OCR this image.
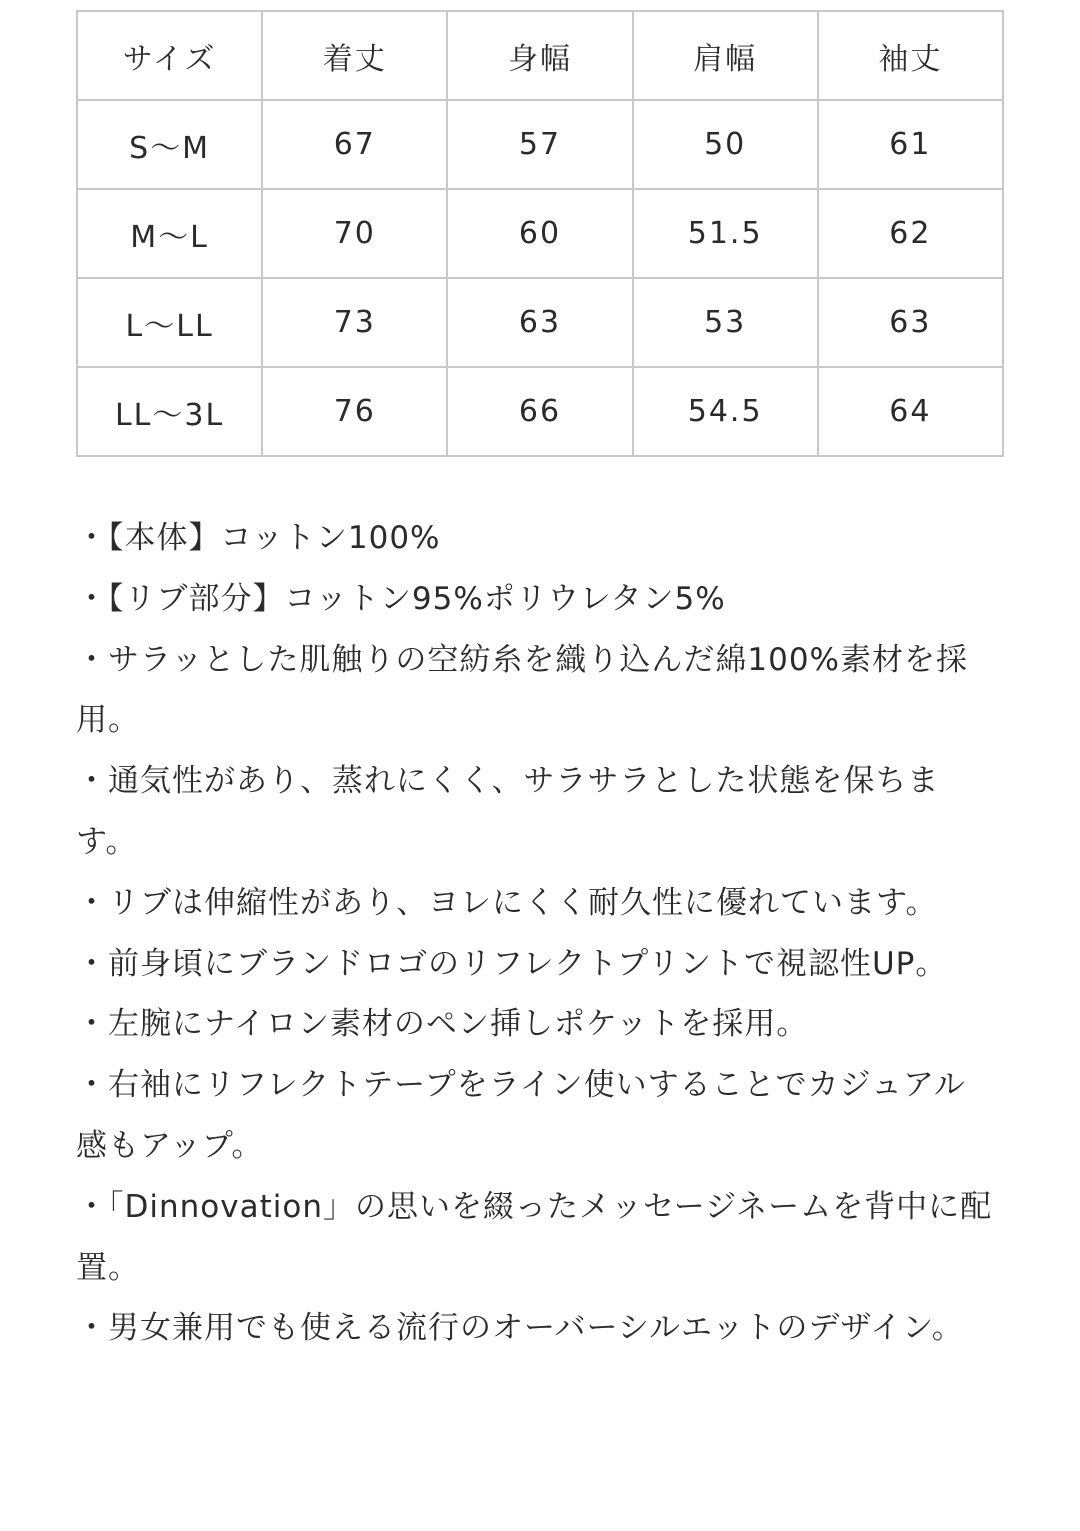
サイズ	着丈	身幅	肩幅	袖丈
S〜M	67	57	50	61
M〜L	70	60	51.5	62
L〜LL	73	63	53	63
LL〜3L	76	66	54.5	64
・【本体】コットン100%
・【リブ部分】コットン95%ポリウレタン5%
・サラッとした肌触りの空紡糸を織り込んだ綿100%素材を採用。
・通気性があり、蒸れにくく、サラサラとした状態を保ちます。
・リブは伸縮性があり、ヨレにくく耐久性に優れています。
・前身頃にブランドロゴのリフレクトプリントで視認性UP。
・左腕にナイロン素材のペン挿しポケットを採用。
・右袖にリフレクトテープをライン使いすることでカジュアル感もアップ。
・「Dinnovation」の思いを綴ったメッセージネームを背中に配置。
・男女兼用でも使える流行のオーバーシルエットのデザイン。
